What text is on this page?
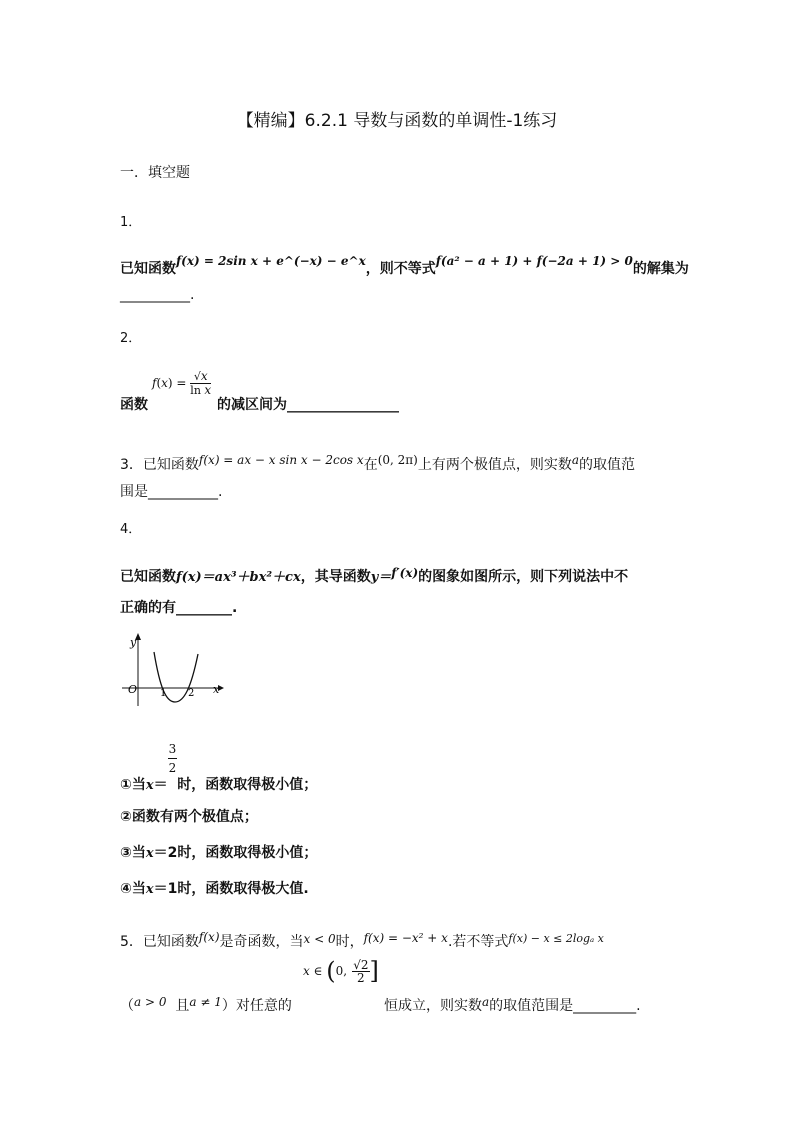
【精编】6.2.1 导数与函数的单调性-1练习
一．填空题
1．
已知函数f(x) = 2sin x + e^(−x) − e^x，则不等式f(a² − a + 1) + f(−2a + 1) > 0的解集为
__________.
2．
函数
$f(x) = \frac{√x}{\text{ln x}}$
的减区间为________________
3．已知函数f(x) = ax − x sin x − 2cos x在(0, 2π)上有两个极值点，则实数a的取值范
围是__________.
4．
已知函数f(x)＝ax³＋bx²＋cx，其导函数y＝f′(x)的图象如图所示，则下列说法中不
正确的有________.
y
x
O 1 2
①当x＝
$\frac{3}{2}$
时，函数取得极小值；
②函数有两个极值点；
③当x＝2时，函数取得极小值；
④当x＝1时，函数取得极大值.
5．已知函数f(x)是奇函数，当x < 0时，f(x) = −x² + x.若不等式$^{f(x) - x \le 2log_a x}$
（a > 0 且a ≠ 1）对任意的
x ∈ (0, $\frac{√2}{2}$ ]
恒成立，则实数a的取值范围是_________.
